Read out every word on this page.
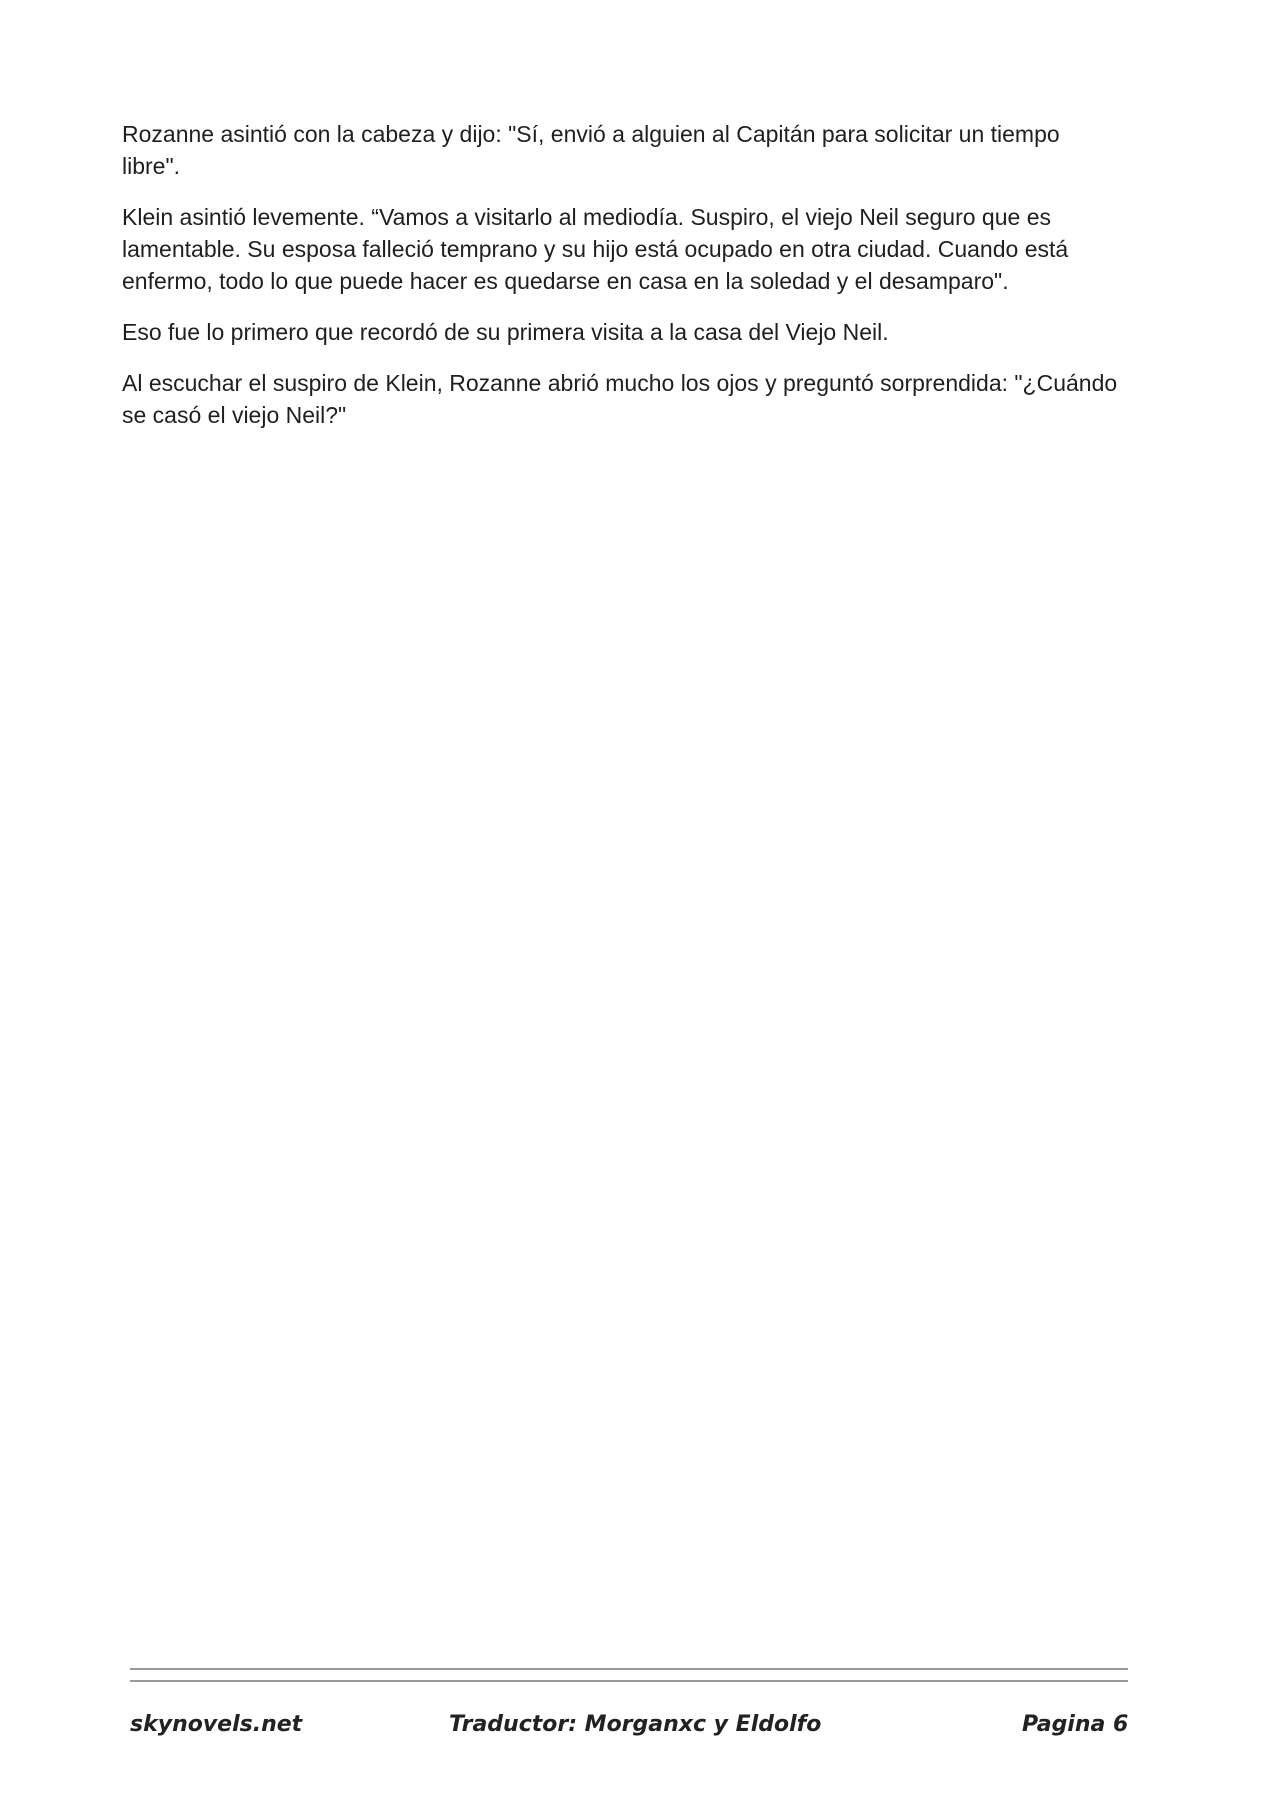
Rozanne asintió con la cabeza y dijo: "Sí, envió a alguien al Capitán para solicitar un tiempo libre".

Klein asintió levemente. “Vamos a visitarlo al mediodía. Suspiro, el viejo Neil seguro que es lamentable. Su esposa falleció temprano y su hijo está ocupado en otra ciudad. Cuando está enfermo, todo lo que puede hacer es quedarse en casa en la soledad y el desamparo".

Eso fue lo primero que recordó de su primera visita a la casa del Viejo Neil.

Al escuchar el suspiro de Klein, Rozanne abrió mucho los ojos y preguntó sorprendida: "¿Cuándo se casó el viejo Neil?"

skynovels.net	Traductor: Morganxc y Eldolfo	Pagina 6
